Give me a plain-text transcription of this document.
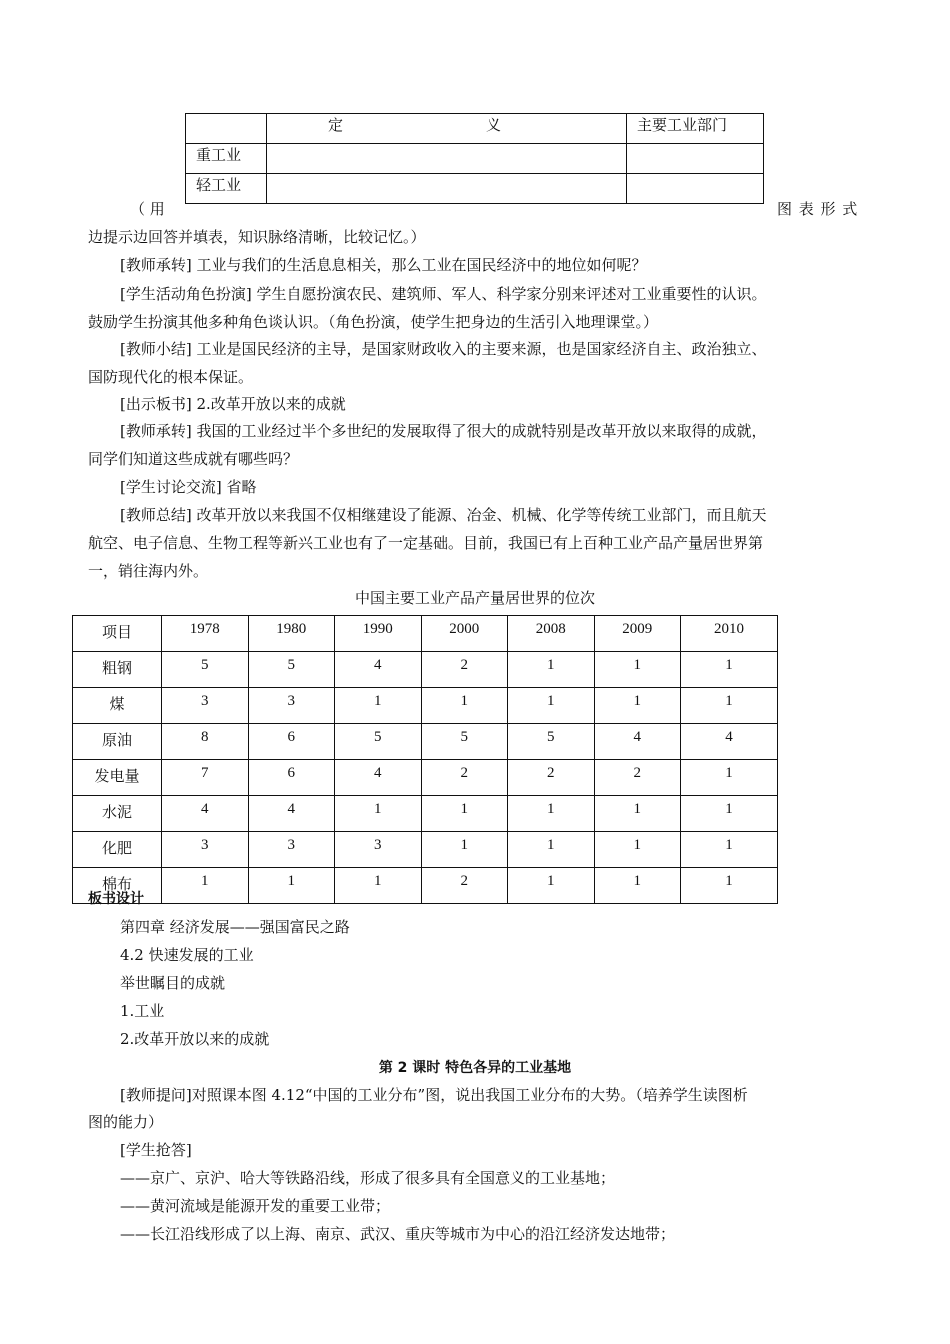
	定　义	主要工业部门
重工业		
轻工业		
（ 用	图 表 形 式
边提示边回答并填表，知识脉络清晰，比较记忆。）
[教师承转] 工业与我们的生活息息相关，那么工业在国民经济中的地位如何呢？
[学生活动角色扮演] 学生自愿扮演农民、建筑师、军人、科学家分别来评述对工业重要性的认识。
鼓励学生扮演其他多种角色谈认识。（角色扮演，使学生把身边的生活引入地理课堂。）
[教师小结] 工业是国民经济的主导，是国家财政收入的主要来源，也是国家经济自主、政治独立、
国防现代化的根本保证。
[出示板书] 2.改革开放以来的成就
[教师承转] 我国的工业经过半个多世纪的发展取得了很大的成就特别是改革开放以来取得的成就，
同学们知道这些成就有哪些吗？
[学生讨论交流] 省略
[教师总结] 改革开放以来我国不仅相继建设了能源、冶金、机械、化学等传统工业部门，而且航天
航空、电子信息、生物工程等新兴工业也有了一定基础。目前，我国已有上百种工业产品产量居世界第
一，销往海内外。
中国主要工业产品产量居世界的位次
项目	1978	1980	1990	2000	2008	2009	2010
粗钢	5	5	4	2	1	1	1
煤	3	3	1	1	1	1	1
原油	8	6	5	5	5	4	4
发电量	7	6	4	2	2	2	1
水泥	4	4	1	1	1	1	1
化肥	3	3	3	1	1	1	1
棉布	1	1	1	2	1	1	1
板书设计
第四章 经济发展——强国富民之路
4.2 快速发展的工业
举世瞩目的成就
1.工业
2.改革开放以来的成就
第 2 课时 特色各异的工业基地
[教师提问]对照课本图 4.12“中国的工业分布”图，说出我国工业分布的大势。（培养学生读图析
图的能力）
[学生抢答]
——京广、京沪、哈大等铁路沿线，形成了很多具有全国意义的工业基地；
——黄河流域是能源开发的重要工业带；
——长江沿线形成了以上海、南京、武汉、重庆等城市为中心的沿江经济发达地带；
